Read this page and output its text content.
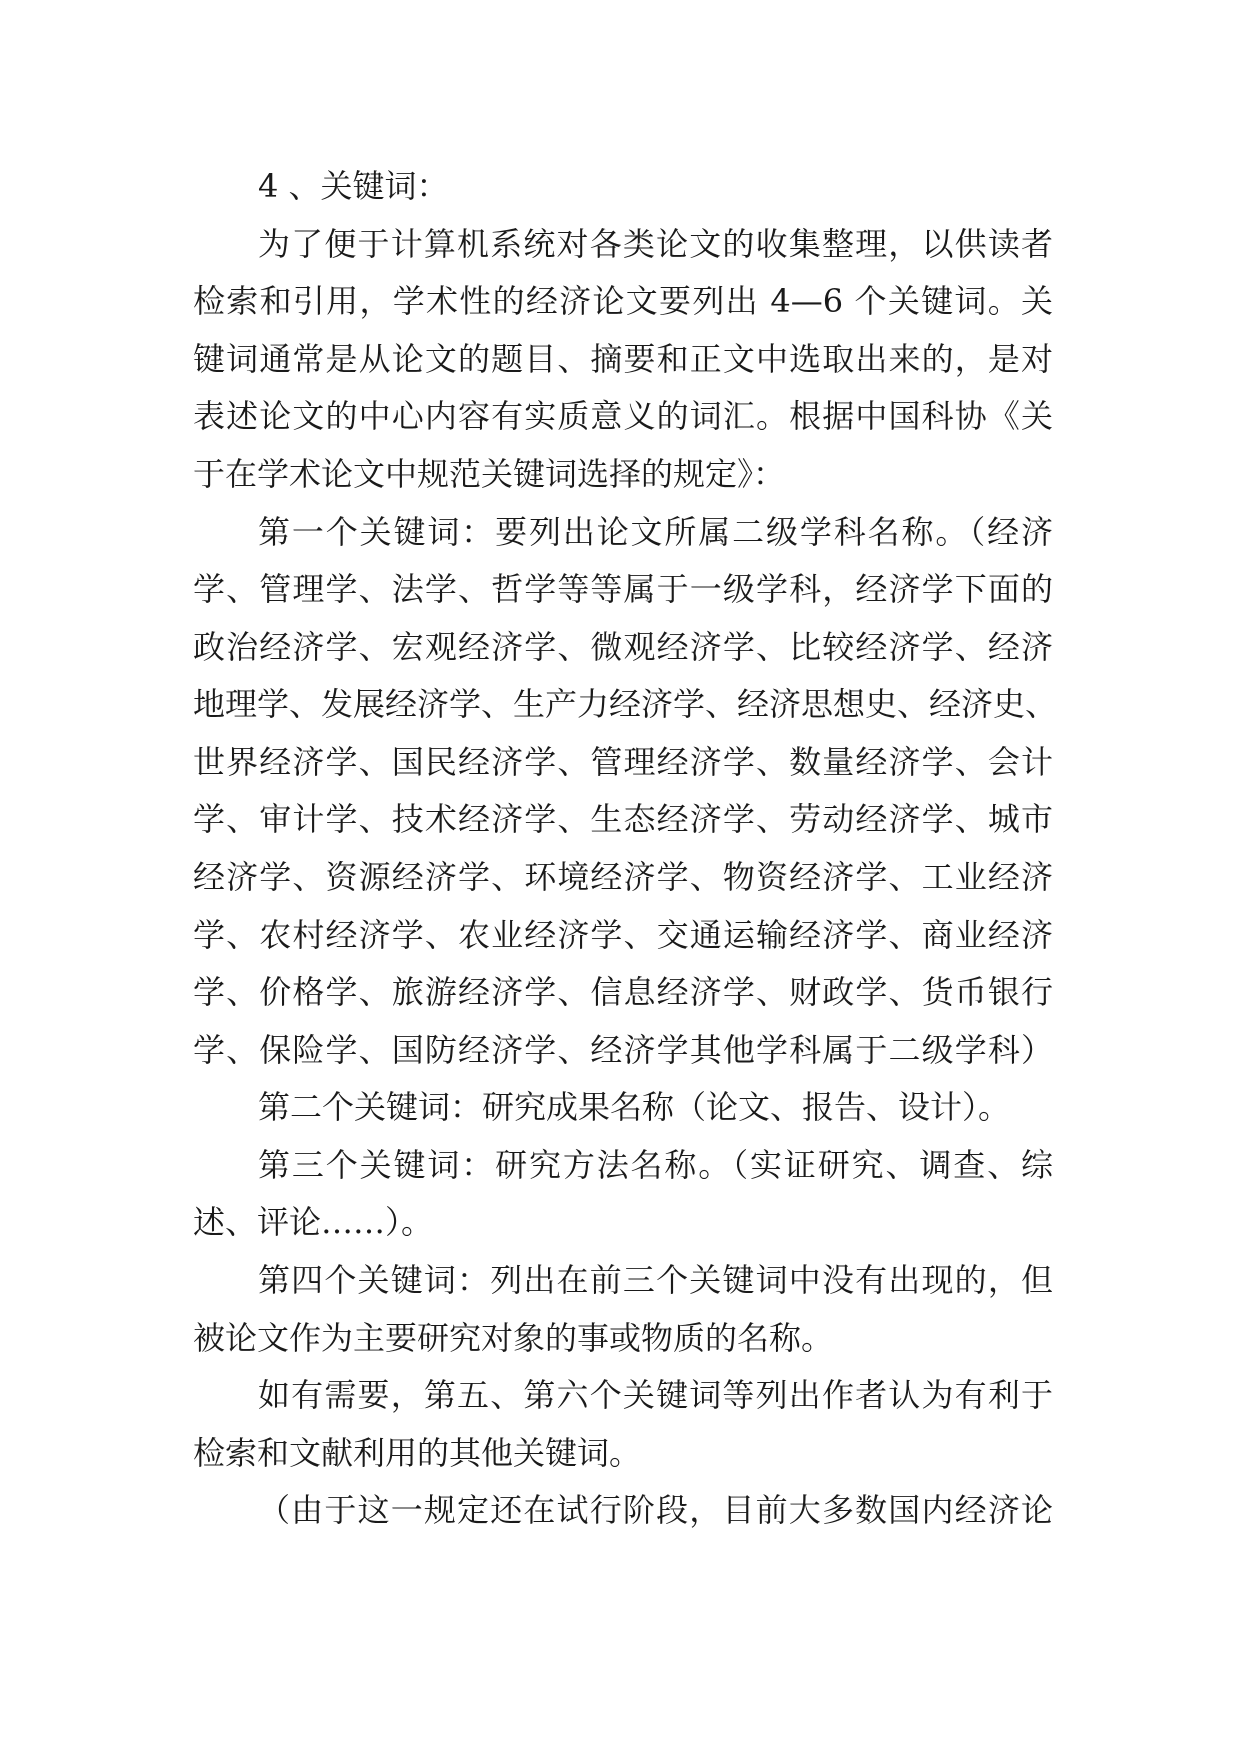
4 、关键词：
为了便于计算机系统对各类论文的收集整理，以供读者
检索和引用，学术性的经济论文要列出 4—6 个关键词。关
键词通常是从论文的题目、摘要和正文中选取出来的，是对
表述论文的中心内容有实质意义的词汇。根据中国科协《关
于在学术论文中规范关键词选择的规定》：
第一个关键词：要列出论文所属二级学科名称。（经济
学、管理学、法学、哲学等等属于一级学科，经济学下面的
政治经济学、宏观经济学、微观经济学、比较经济学、经济
地理学、发展经济学、生产力经济学、经济思想史、经济史、
世界经济学、国民经济学、管理经济学、数量经济学、会计
学、审计学、技术经济学、生态经济学、劳动经济学、城市
经济学、资源经济学、环境经济学、物资经济学、工业经济
学、农村经济学、农业经济学、交通运输经济学、商业经济
学、价格学、旅游经济学、信息经济学、财政学、货币银行
学、保险学、国防经济学、经济学其他学科属于二级学科）
第二个关键词：研究成果名称（论文、报告、设计）。
第三个关键词：研究方法名称。（实证研究、调查、综
述、评论……）。
第四个关键词：列出在前三个关键词中没有出现的，但
被论文作为主要研究对象的事或物质的名称。
如有需要，第五、第六个关键词等列出作者认为有利于
检索和文献利用的其他关键词。
（由于这一规定还在试行阶段，目前大多数国内经济论
